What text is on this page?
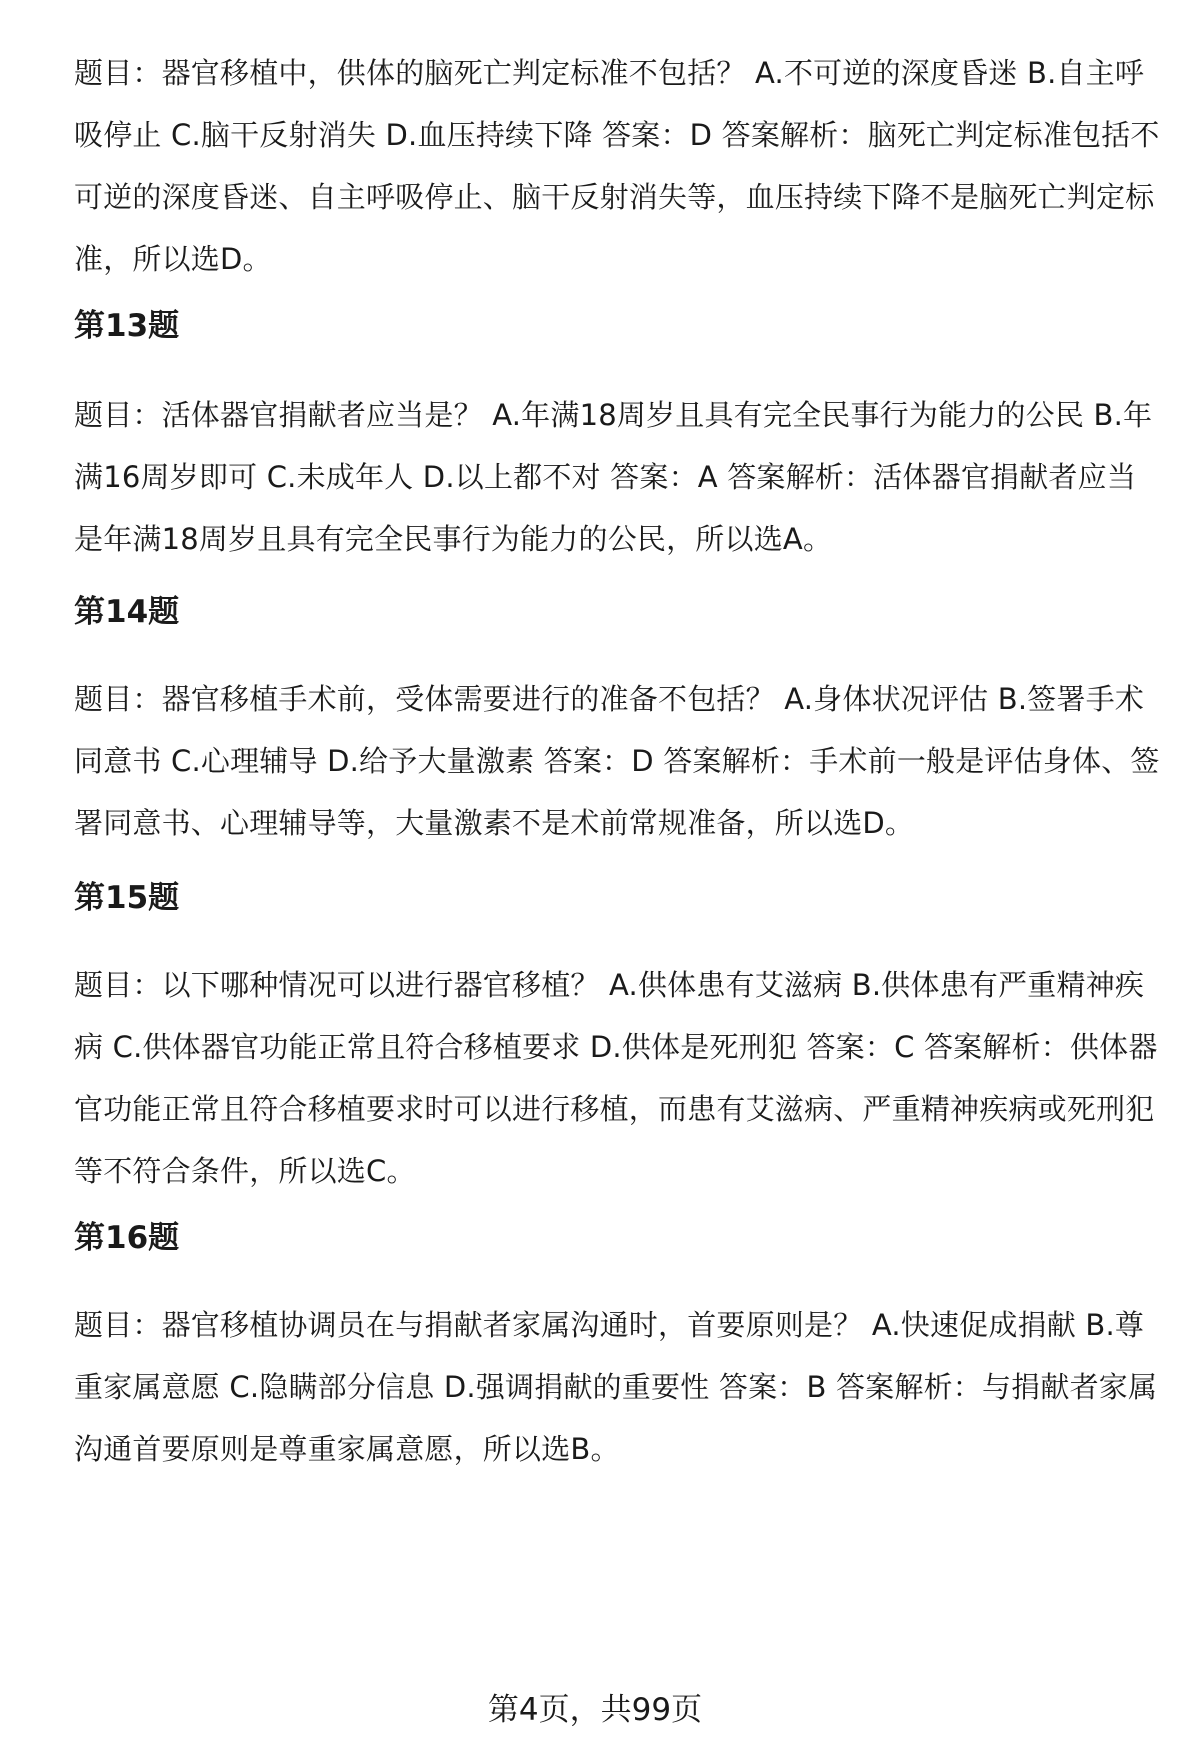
题目：器官移植中，供体的脑死亡判定标准不包括？ A.不可逆的深度昏迷 B.自主呼吸停止 C.脑干反射消失 D.血压持续下降 答案：D 答案解析：脑死亡判定标准包括不可逆的深度昏迷、自主呼吸停止、脑干反射消失等，血压持续下降不是脑死亡判定标准，所以选D。

第13题

题目：活体器官捐献者应当是？ A.年满18周岁且具有完全民事行为能力的公民 B.年满16周岁即可 C.未成年人 D.以上都不对 答案：A 答案解析：活体器官捐献者应当是年满18周岁且具有完全民事行为能力的公民，所以选A。

第14题

题目：器官移植手术前，受体需要进行的准备不包括？ A.身体状况评估 B.签署手术同意书 C.心理辅导 D.给予大量激素 答案：D 答案解析：手术前一般是评估身体、签署同意书、心理辅导等，大量激素不是术前常规准备，所以选D。

第15题

题目：以下哪种情况可以进行器官移植？ A.供体患有艾滋病 B.供体患有严重精神疾病 C.供体器官功能正常且符合移植要求 D.供体是死刑犯 答案：C 答案解析：供体器官功能正常且符合移植要求时可以进行移植，而患有艾滋病、严重精神疾病或死刑犯等不符合条件，所以选C。

第16题

题目：器官移植协调员在与捐献者家属沟通时，首要原则是？ A.快速促成捐献 B.尊重家属意愿 C.隐瞒部分信息 D.强调捐献的重要性 答案：B 答案解析：与捐献者家属沟通首要原则是尊重家属意愿，所以选B。

第4页，共99页
